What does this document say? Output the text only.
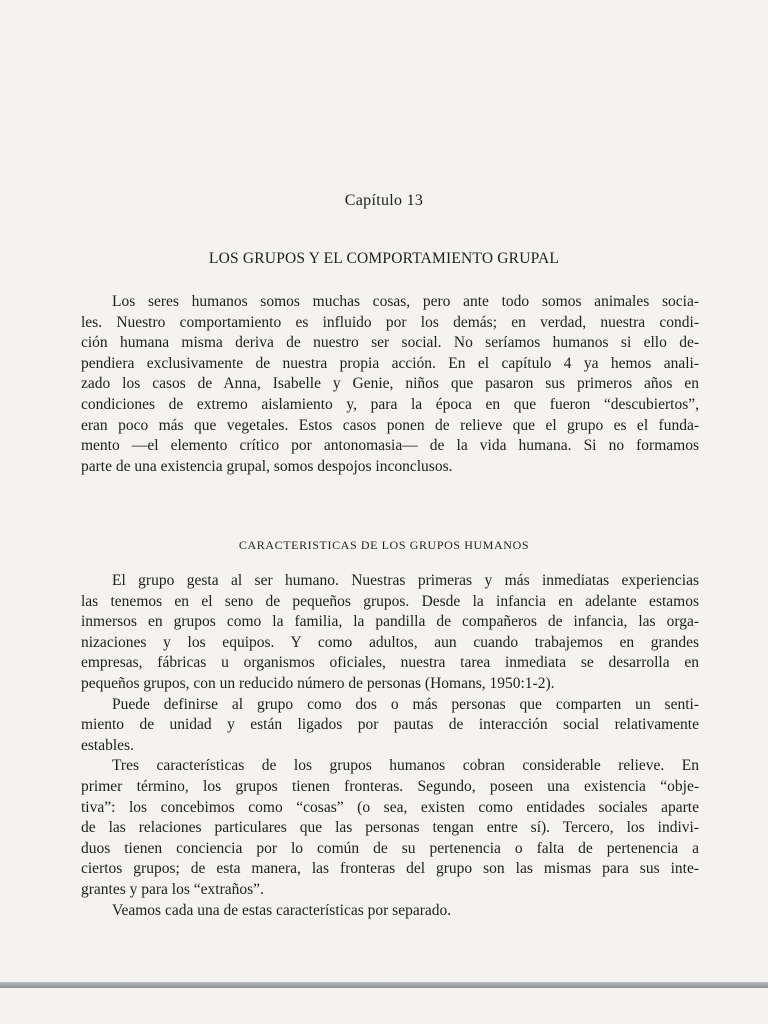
Capítulo 13
LOS GRUPOS Y EL COMPORTAMIENTO GRUPAL
Los seres humanos somos muchas cosas, pero ante todo somos animales socia-
les. Nuestro comportamiento es influido por los demás; en verdad, nuestra condi-
ción humana misma deriva de nuestro ser social. No seríamos humanos si ello de-
pendiera exclusivamente de nuestra propia acción. En el capítulo 4 ya hemos anali-
zado los casos de Anna, Isabelle y Genie, niños que pasaron sus primeros años en
condiciones de extremo aislamiento y, para la época en que fueron “descubiertos”,
eran poco más que vegetales. Estos casos ponen de relieve que el grupo es el funda-
mento —el elemento crítico por antonomasia— de la vida humana. Si no formamos
parte de una existencia grupal, somos despojos inconclusos.
CARACTERISTICAS DE LOS GRUPOS HUMANOS
El grupo gesta al ser humano. Nuestras primeras y más inmediatas experiencias
las tenemos en el seno de pequeños grupos. Desde la infancia en adelante estamos
inmersos en grupos como la familia, la pandilla de compañeros de infancia, las orga-
nizaciones y los equipos. Y como adultos, aun cuando trabajemos en grandes
empresas, fábricas u organismos oficiales, nuestra tarea inmediata se desarrolla en
pequeños grupos, con un reducido número de personas (Homans, 1950:1-2).
Puede definirse al grupo como dos o más personas que comparten un senti-
miento de unidad y están ligados por pautas de interacción social relativamente
estables.
Tres características de los grupos humanos cobran considerable relieve. En
primer término, los grupos tienen fronteras. Segundo, poseen una existencia “obje-
tiva”: los concebimos como “cosas” (o sea, existen como entidades sociales aparte
de las relaciones particulares que las personas tengan entre sí). Tercero, los indivi-
duos tienen conciencia por lo común de su pertenencia o falta de pertenencia a
ciertos grupos; de esta manera, las fronteras del grupo son las mismas para sus inte-
grantes y para los “extraños”.
Veamos cada una de estas características por separado.
